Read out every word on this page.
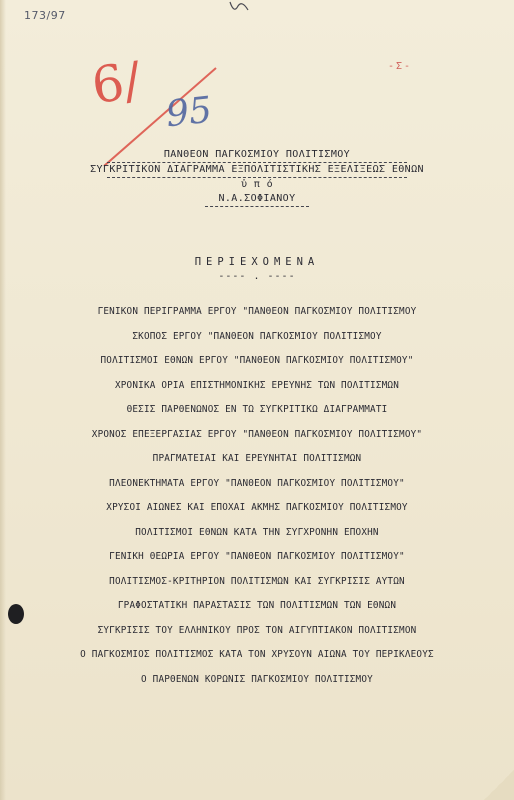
173/97
-Σ-
6/ 95
ΠΑΝΘΕΟΝ ΠΑΓΚΟΣΜΙΟΥ ΠΟΛΙΤΙΣΜΟΥ
ΣΥΓΚΡΙΤΙΚΟΝ ΔΙΑΓΡΑΜΜΑ ΕΞΠΟΛΙΤΙΣΤΙΚΗΣ ΕΞΕΛΙΞΕΩΣ ΕΘΝΩΝ
ὑ π ό
Ν.Α.ΣΟΦΙΑΝΟΥ
ΠΕΡΙΕΧΟΜΕΝΑ
---- . ----
ΓΕΝΙΚΟΝ ΠΕΡΙΓΡΑΜΜΑ ΕΡΓΟΥ "ΠΑΝΘΕΟΝ ΠΑΓΚΟΣΜΙΟΥ ΠΟΛΙΤΙΣΜΟΥ
ΣΚΟΠΟΣ ΕΡΓΟΥ "ΠΑΝΘΕΟΝ ΠΑΓΚΟΣΜΙΟΥ ΠΟΛΙΤΙΣΜΟΥ
ΠΟΛΙΤΙΣΜΟΙ ΕΘΝΩΝ ΕΡΓΟΥ "ΠΑΝΘΕΟΝ ΠΑΓΚΟΣΜΙΟΥ ΠΟΛΙΤΙΣΜΟΥ"
ΧΡΟΝΙΚΑ ΟΡΙΑ ΕΠΙΣΤΗΜΟΝΙΚΗΣ ΕΡΕΥΝΗΣ ΤΩΝ ΠΟΛΙΤΙΣΜΩΝ
ΘΕΣΙΣ ΠΑΡΘΕΝΩΝΟΣ ΕΝ ΤΩ ΣΥΓΚΡΙΤΙΚΩ ΔΙΑΓΡΑΜΜΑΤΙ
ΧΡΟΝΟΣ ΕΠΕΞΕΡΓΑΣΙΑΣ ΕΡΓΟΥ "ΠΑΝΘΕΟΝ ΠΑΓΚΟΣΜΙΟΥ ΠΟΛΙΤΙΣΜΟΥ"
ΠΡΑΓΜΑΤΕΙΑΙ ΚΑΙ ΕΡΕΥΝΗΤΑΙ ΠΟΛΙΤΙΣΜΩΝ
ΠΛΕΟΝΕΚΤΗΜΑΤΑ ΕΡΓΟΥ "ΠΑΝΘΕΟΝ ΠΑΓΚΟΣΜΙΟΥ ΠΟΛΙΤΙΣΜΟΥ"
ΧΡΥΣΟΙ ΑΙΩΝΕΣ ΚΑΙ ΕΠΟΧΑΙ ΑΚΜΗΣ ΠΑΓΚΟΣΜΙΟΥ ΠΟΛΙΤΙΣΜΟΥ
ΠΟΛΙΤΙΣΜΟΙ ΕΘΝΩΝ ΚΑΤΑ ΤΗΝ ΣΥΓΧΡΟΝΗΝ ΕΠΟΧΗΝ
ΓΕΝΙΚΗ ΘΕΩΡΙΑ ΕΡΓΟΥ "ΠΑΝΘΕΟΝ ΠΑΓΚΟΣΜΙΟΥ ΠΟΛΙΤΙΣΜΟΥ"
ΠΟΛΙΤΙΣΜΟΣ-ΚΡΙΤΗΡΙΟΝ ΠΟΛΙΤΙΣΜΩΝ ΚΑΙ ΣΥΓΚΡΙΣΙΣ ΑΥΤΩΝ
ΓΡΑΦΟΣΤΑΤΙΚΗ ΠΑΡΑΣΤΑΣΙΣ ΤΩΝ ΠΟΛΙΤΙΣΜΩΝ ΤΩΝ ΕΘΝΩΝ
ΣΥΓΚΡΙΣΙΣ ΤΟΥ ΕΛΛΗΝΙΚΟΥ ΠΡΟΣ ΤΟΝ ΑΙΓΥΠΤΙΑΚΟΝ ΠΟΛΙΤΙΣΜΟΝ
Ο ΠΑΓΚΟΣΜΙΟΣ ΠΟΛΙΤΙΣΜΟΣ ΚΑΤΑ ΤΟΝ ΧΡΥΣΟΥΝ ΑΙΩΝΑ ΤΟΥ ΠΕΡΙΚΛΕΟΥΣ
Ο ΠΑΡΘΕΝΩΝ ΚΟΡΩΝΙΣ ΠΑΓΚΟΣΜΙΟΥ ΠΟΛΙΤΙΣΜΟΥ
